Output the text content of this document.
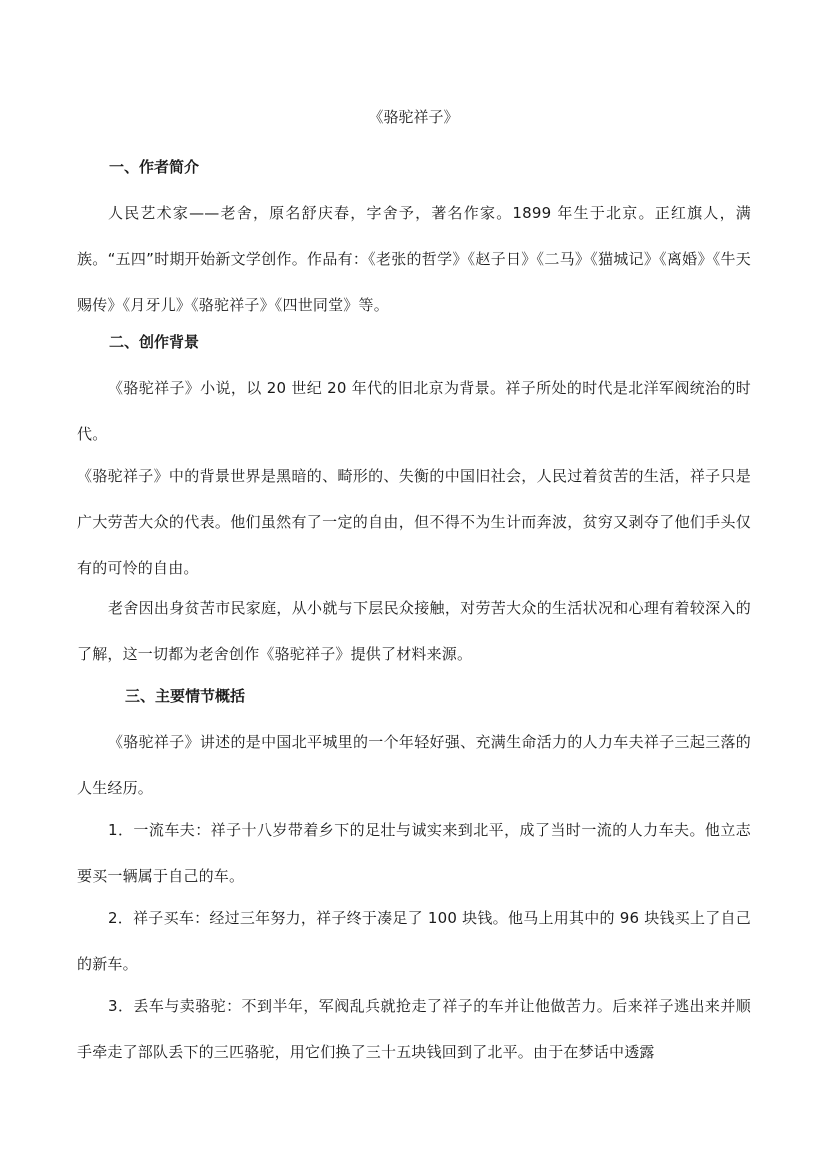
《骆驼祥子》
一、作者简介
人民艺术家——老舍，原名舒庆春，字舍予，著名作家。1899 年生于北京。正红旗人，满族。“五四”时期开始新文学创作。作品有：《老张的哲学》《赵子日》《二马》《猫城记》《离婚》《牛天赐传》《月牙儿》《骆驼祥子》《四世同堂》等。
二、创作背景
《骆驼祥子》小说，以 20 世纪 20 年代的旧北京为背景。祥子所处的时代是北洋军阀统治的时代。
《骆驼祥子》中的背景世界是黑暗的、畸形的、失衡的中国旧社会，人民过着贫苦的生活，祥子只是广大劳苦大众的代表。他们虽然有了一定的自由，但不得不为生计而奔波，贫穷又剥夺了他们手头仅有的可怜的自由。
老舍因出身贫苦市民家庭，从小就与下层民众接触，对劳苦大众的生活状况和心理有着较深入的了解，这一切都为老舍创作《骆驼祥子》提供了材料来源。
三、主要情节概括
《骆驼祥子》讲述的是中国北平城里的一个年轻好强、充满生命活力的人力车夫祥子三起三落的人生经历。
1．一流车夫：祥子十八岁带着乡下的足壮与诚实来到北平，成了当时一流的人力车夫。他立志要买一辆属于自己的车。
2．祥子买车：经过三年努力，祥子终于凑足了 100 块钱。他马上用其中的 96 块钱买上了自己的新车。
3．丢车与卖骆驼：不到半年，军阀乱兵就抢走了祥子的车并让他做苦力。后来祥子逃出来并顺手牵走了部队丢下的三匹骆驼，用它们换了三十五块钱回到了北平。由于在梦话中透露
